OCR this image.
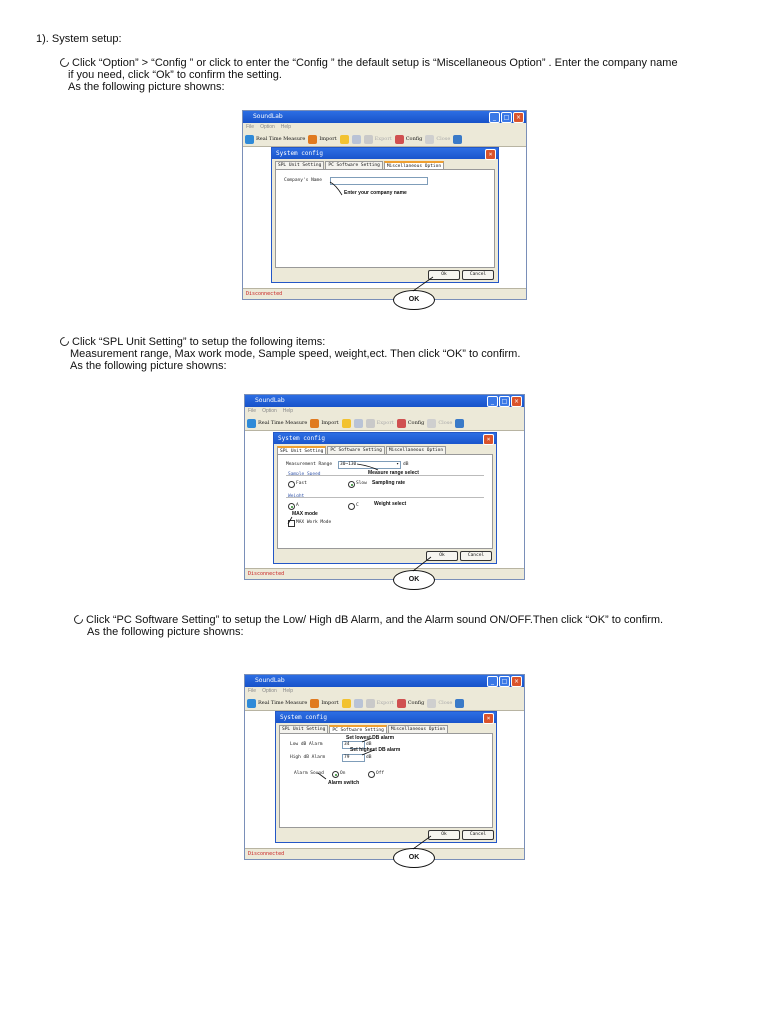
1). System setup:
Click “Option” > “Config ” or click to enter the “Config ” the default setup is “Miscellaneous Option” . Enter the company name
if you need, click “Ok” to confirm the setting.
As the following picture showns:
SoundLab	_	□	×
File Option Help
Real Time Measure	Import	Export	Config	Close
System config	×
SPL Unit Setting	PC Software Setting	Miscellaneous Option
Company's Name
Enter your company name
Ok	Cancel
Disconnected
OK
Click “SPL Unit Setting” to setup the following items:
Measurement range, Max work mode, Sample speed, weight,ect. Then click “OK” to confirm.
As the following picture showns:
SoundLab	_	□	×
File Option Help
Real Time Measure	Import	Export	Config	Close
System config	×
SPL Unit Setting	PC Software Setting	Miscellaneous Option
Measurement Range	30~130	▾ dB
Measure range select
Sample Speed
Fast	Slow Sampling rate
Weight
A	C	Weight select
MAX mode
MAX Work Mode
Ok	Cancel
Disconnected
OK
Click “PC Software Setting” to setup the Low/ High dB Alarm, and the Alarm sound ON/OFF.Then click “OK” to confirm.
As the following picture showns:
SoundLab	_	□	×
File Option Help
Real Time Measure	Import	Export	Config	Close
System config	×
SPL Unit Setting	PC Software Setting	Miscellaneous Option
Set lowest DB alarm
Low dB Alarm	34	dB
Set highest DB alarm
High dB Alarm	79	dB
Alarm Sound	On	Off
Alarm switch
Ok	Cancel
Disconnected	OK
